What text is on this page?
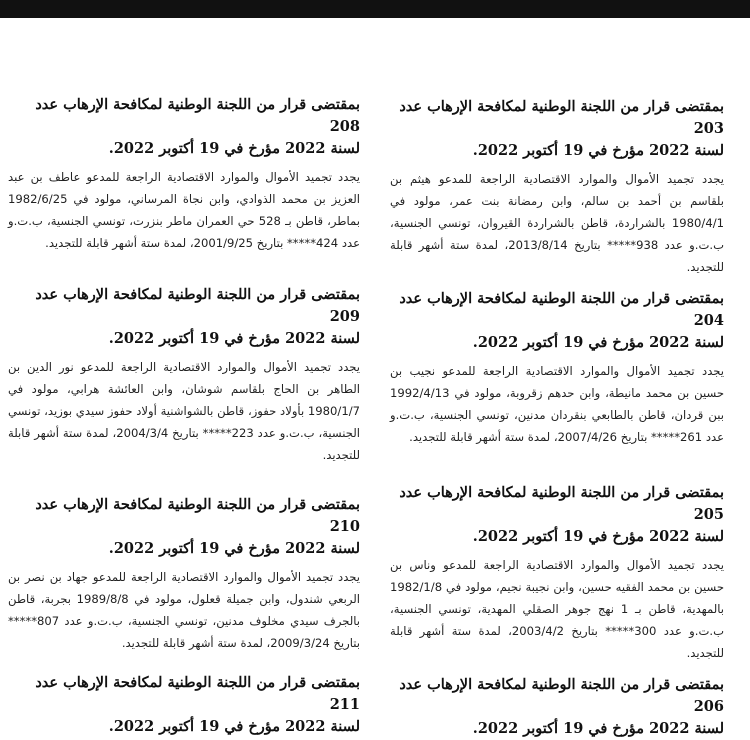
بمقتضى قرار من اللجنة الوطنية لمكافحة الإرهاب عدد 203
لسنة 2022 مؤرخ في 19 أكتوبر 2022.
يجدد تجميد الأموال والموارد الاقتصادية الراجعة للمدعو هيثم بن بلقاسم بن أحمد بن سالم، وابن رمضانة بنت عمر، مولود في 1980/4/1 بالشراردة، قاطن بالشراردة القيروان، تونسي الجنسية، ب.ت.و عدد 938***** بتاريخ 2013/8/14، لمدة ستة أشهر قابلة للتجديد.
بمقتضى قرار من اللجنة الوطنية لمكافحة الإرهاب عدد 204
لسنة 2022 مؤرخ في 19 أكتوبر 2022.
يجدد تجميد الأموال والموارد الاقتصادية الراجعة للمدعو نجيب بن حسين بن محمد مانيطة، وابن حدهم زقروبة، مولود في 1992/4/13 ببن قردان، قاطن بالطابعي بنقردان مدنين، تونسي الجنسية، ب.ت.و عدد 261***** بتاريخ 2007/4/26، لمدة ستة أشهر قابلة للتجديد.
بمقتضى قرار من اللجنة الوطنية لمكافحة الإرهاب عدد 205
لسنة 2022 مؤرخ في 19 أكتوبر 2022.
يجدد تجميد الأموال والموارد الاقتصادية الراجعة للمدعو وناس بن حسين بن محمد الفقيه حسين، وابن نجيبة نجيم، مولود في 1982/1/8 بالمهدية، قاطن بـ 1 نهج جوهر الصقلي المهدية، تونسي الجنسية، ب.ت.و عدد 300***** بتاريخ 2003/4/2، لمدة ستة أشهر قابلة للتجديد.
بمقتضى قرار من اللجنة الوطنية لمكافحة الإرهاب عدد 206
لسنة 2022 مؤرخ في 19 أكتوبر 2022.
بمقتضى قرار من اللجنة الوطنية لمكافحة الإرهاب عدد 208
لسنة 2022 مؤرخ في 19 أكتوبر 2022.
يجدد تجميد الأموال والموارد الاقتصادية الراجعة للمدعو عاطف بن عبد العزيز بن محمد الذوادي، وابن نجاة المرساني، مولود في 1982/6/25 بماطر، قاطن بـ 528 حي العمران ماطر بنزرت، تونسي الجنسية، ب.ت.و عدد 424***** بتاريخ 2001/9/25، لمدة ستة أشهر قابلة للتجديد.
بمقتضى قرار من اللجنة الوطنية لمكافحة الإرهاب عدد 209
لسنة 2022 مؤرخ في 19 أكتوبر 2022.
يجدد تجميد الأموال والموارد الاقتصادية الراجعة للمدعو نور الدين بن الطاهر بن الحاج بلقاسم شوشان، وابن العائشة هرابي، مولود في 1980/1/7 بأولاد حفوز، قاطن بالشواشنية أولاد حفوز سيدي بوزيد، تونسي الجنسية، ب.ت.و عدد 223***** بتاريخ 2004/3/4، لمدة ستة أشهر قابلة للتجديد.
بمقتضى قرار من اللجنة الوطنية لمكافحة الإرهاب عدد 210
لسنة 2022 مؤرخ في 19 أكتوبر 2022.
يجدد تجميد الأموال والموارد الاقتصادية الراجعة للمدعو جهاد بن نصر بن الربعي شندول، وابن جميلة قعلول، مولود في 1989/8/8 بجربة، قاطن بالجرف سيدي مخلوف مدنين، تونسي الجنسية، ب.ت.و عدد 807***** بتاريخ 2009/3/24، لمدة ستة أشهر قابلة للتجديد.
بمقتضى قرار من اللجنة الوطنية لمكافحة الإرهاب عدد 211
لسنة 2022 مؤرخ في 19 أكتوبر 2022.
